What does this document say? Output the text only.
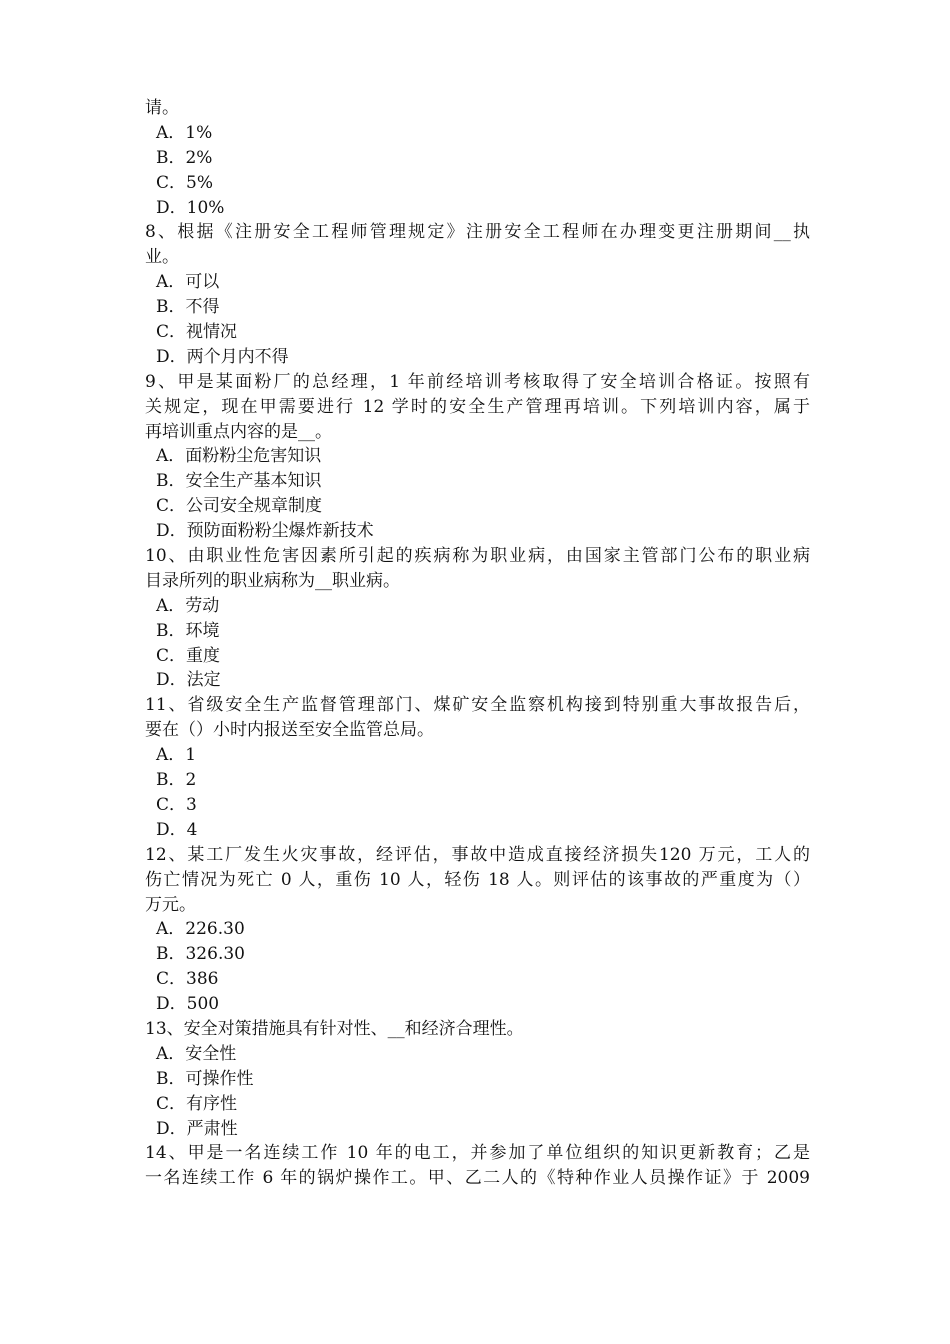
请。
A．1%
B．2%
C．5%
D．10%
8、根据《注册安全工程师管理规定》注册安全工程师在办理变更注册期间__执
业。
A．可以
B．不得
C．视情况
D．两个月内不得
9、甲是某面粉厂的总经理，1 年前经培训考核取得了安全培训合格证。按照有
关规定，现在甲需要进行 12 学时的安全生产管理再培训。下列培训内容，属于
再培训重点内容的是__。
A．面粉粉尘危害知识
B．安全生产基本知识
C．公司安全规章制度
D．预防面粉粉尘爆炸新技术
10、由职业性危害因素所引起的疾病称为职业病，由国家主管部门公布的职业病
目录所列的职业病称为__职业病。
A．劳动
B．环境
C．重度
D．法定
11、省级安全生产监督管理部门、煤矿安全监察机构接到特别重大事故报告后，
要在（）小时内报送至安全监管总局。
A．1
B．2
C．3
D．4
12、某工厂发生火灾事故，经评估，事故中造成直接经济损失120 万元，工人的
伤亡情况为死亡 0 人，重伤 10 人，轻伤 18 人。则评估的该事故的严重度为（）
万元。
A．226.30
B．326.30
C．386
D．500
13、安全对策措施具有针对性、__和经济合理性。
A．安全性
B．可操作性
C．有序性
D．严肃性
14、甲是一名连续工作 10 年的电工，并参加了单位组织的知识更新教育；乙是
一名连续工作 6 年的锅炉操作工。甲、乙二人的《特种作业人员操作证》于 2009
